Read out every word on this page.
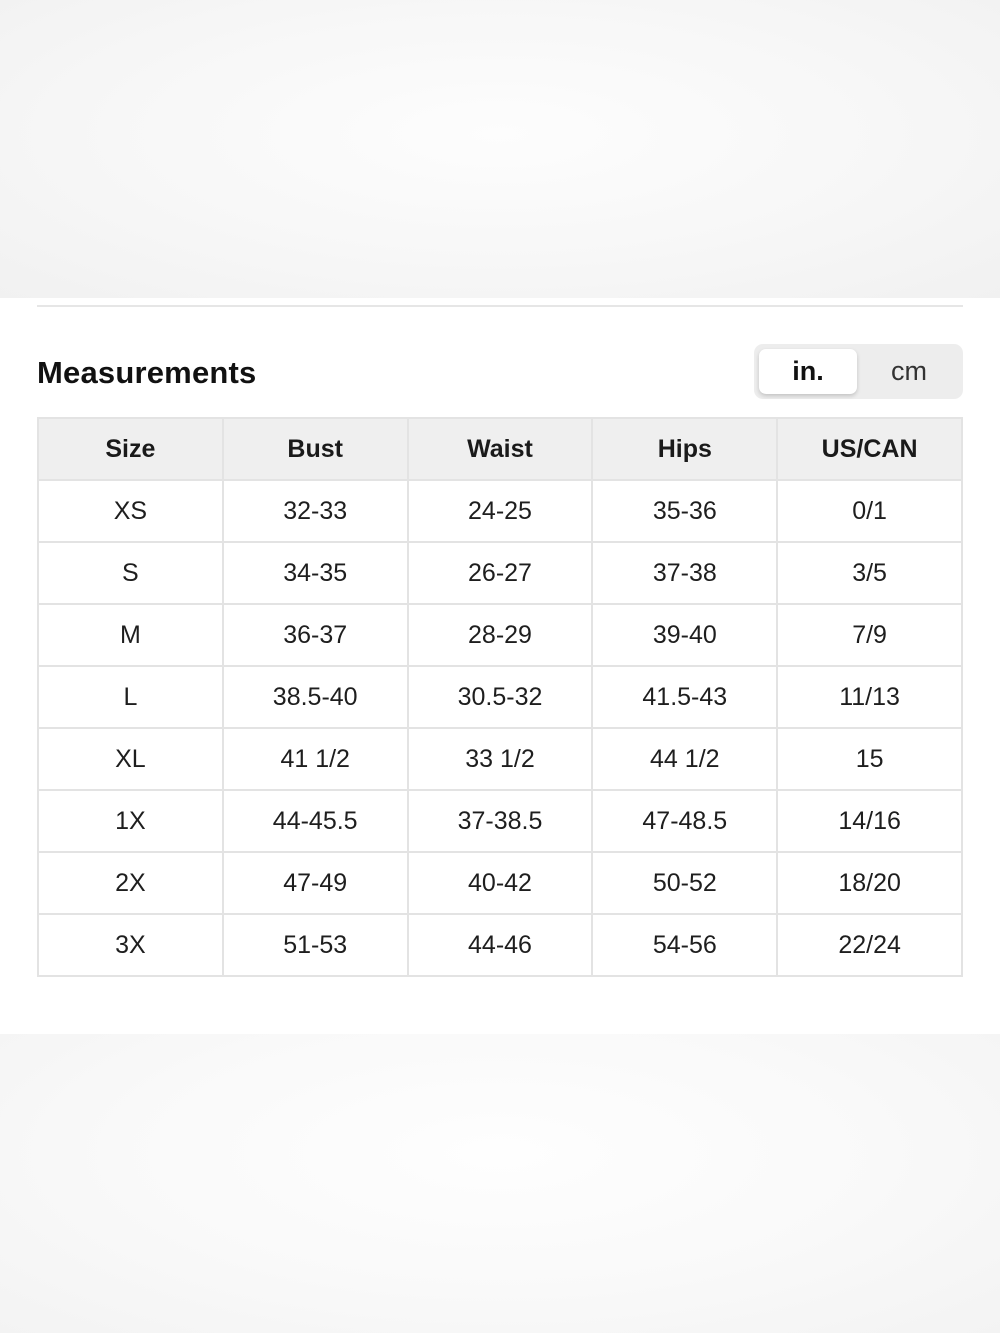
Measurements	in.	cm
Size	Bust	Waist	Hips	US/CAN
XS	32-33	24-25	35-36	0/1
S	34-35	26-27	37-38	3/5
M	36-37	28-29	39-40	7/9
L	38.5-40	30.5-32	41.5-43	11/13
XL	41 1/2	33 1/2	44 1/2	15
1X	44-45.5	37-38.5	47-48.5	14/16
2X	47-49	40-42	50-52	18/20
3X	51-53	44-46	54-56	22/24
